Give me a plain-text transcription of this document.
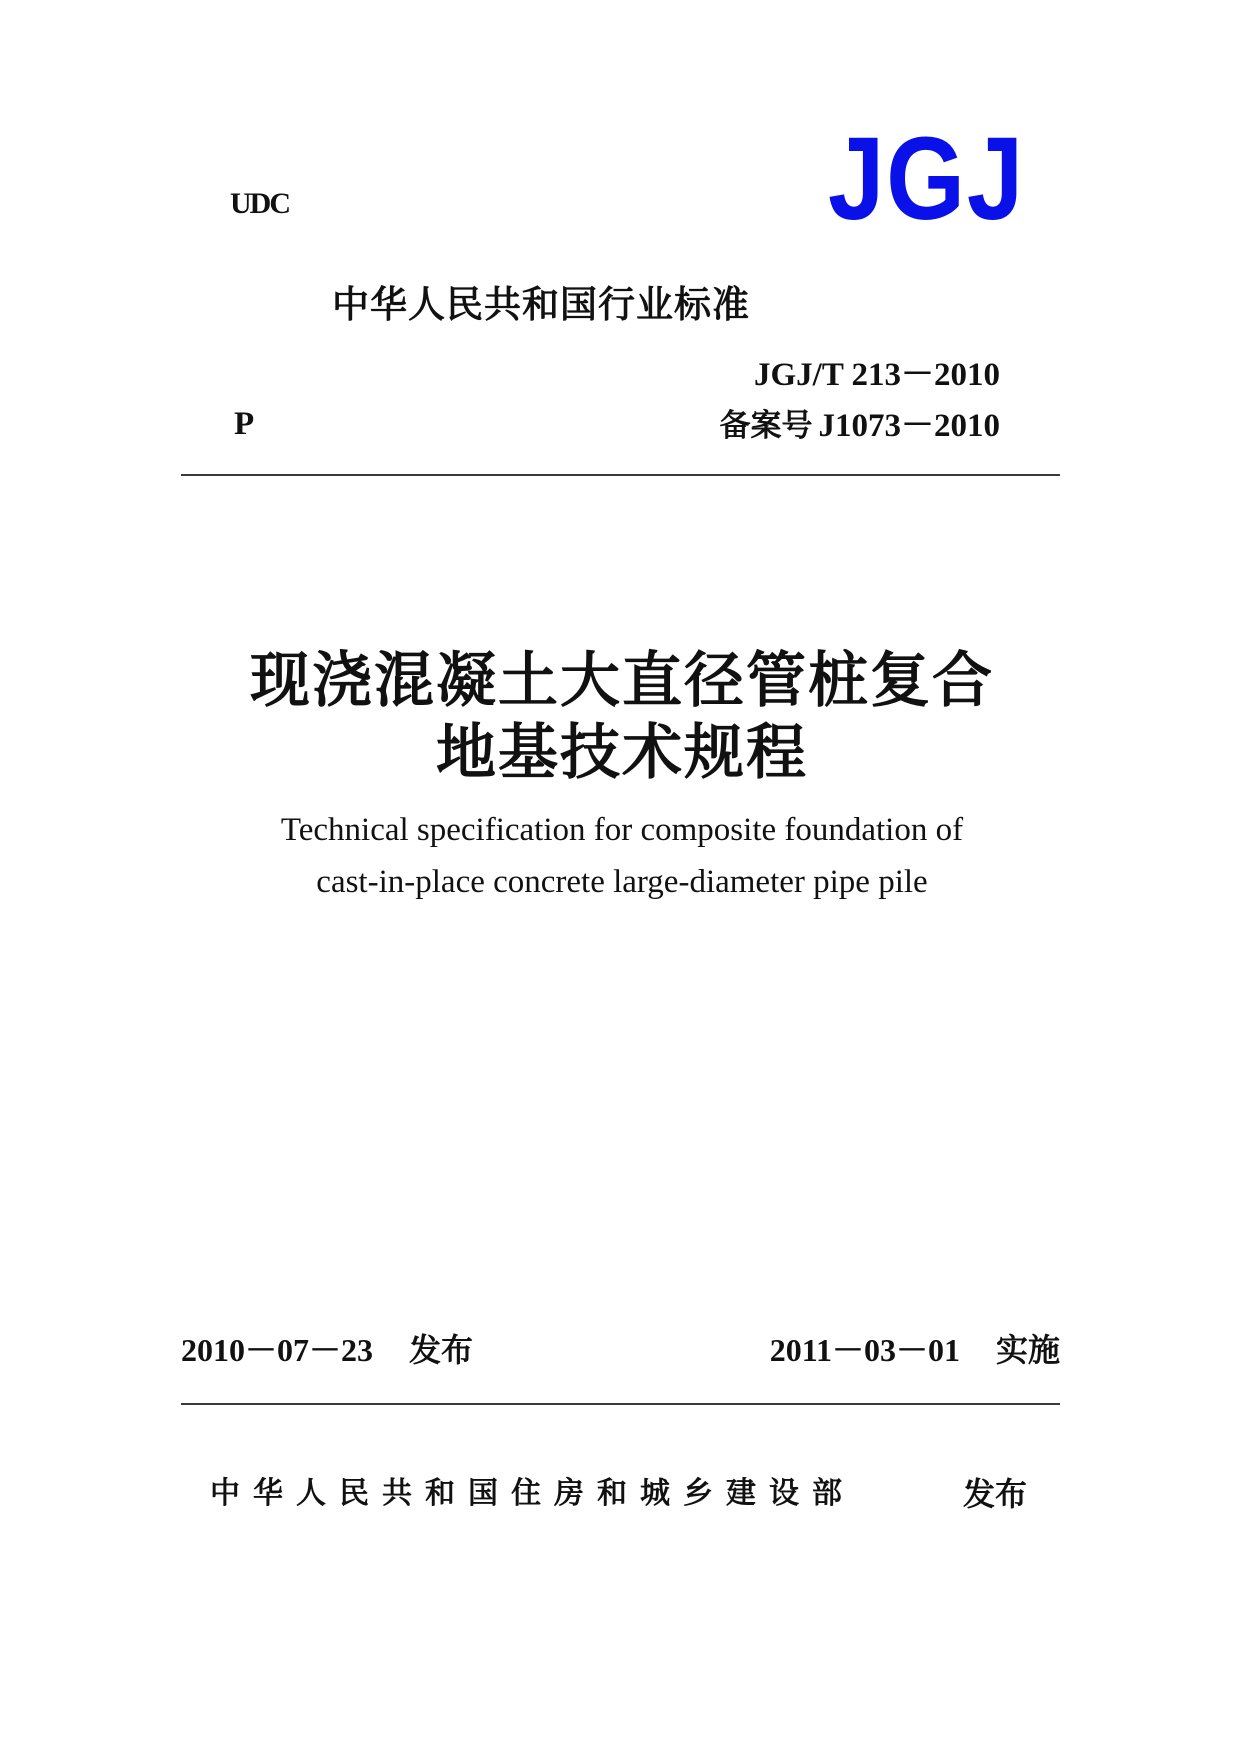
UDC	JGJ
中华人民共和国行业标准
JGJ/T 213－2010
P	备案号 J1073－2010
现浇混凝土大直径管桩复合
地基技术规程
Technical specification for composite foundation of
cast-in-place concrete large-diameter pipe pile
2010－07－23 发布	2011－03－01 实施
中华人民共和国住房和城乡建设部	发布
